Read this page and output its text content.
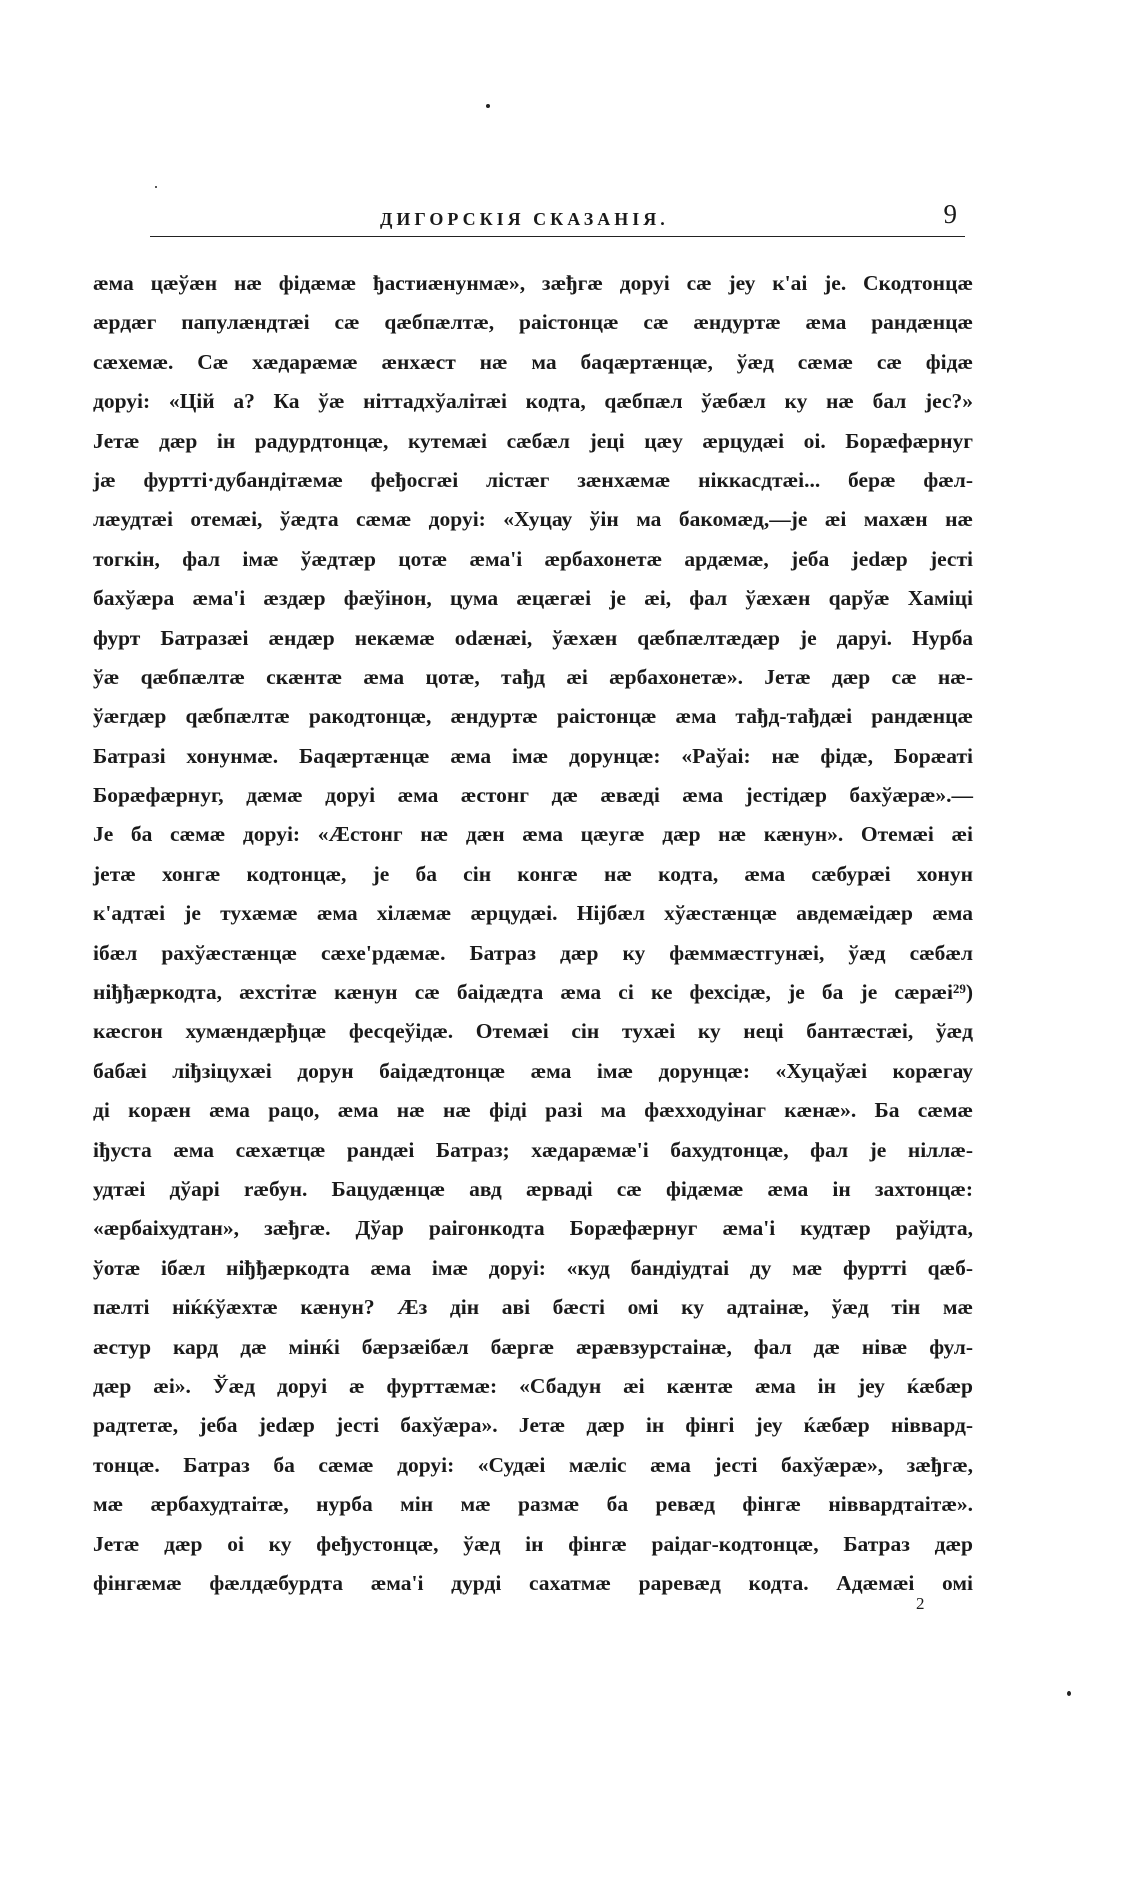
ДИГОРСКІЯ СКАЗАНІЯ.	9
æма цæўæн нæ фідæмæ ђастиæнунмæ», зæђгæ доруі сæ јеу к'аі је. Скодтонцæ
æрдæг папулæндтæі сæ qæбпæлтæ, раістонцæ сæ æндуртæ æма рандæнцæ
сæхемæ. Сæ хæдарæмæ æнхæст нæ ма баqæртæнцæ, ўæд сæмæ сæ фідæ
доруі: «Цій а? Ка ўæ ніттадхўалітæі кодта, qæбпæл ўæбæл ку нæ бал јес?»
Јетæ дæр ін радурдтонцæ, кутемæі сæбæл јеці цæу æрцудæі оі. Борæфæрнуг
јæ фуртті·дубандітæмæ феђосгæі лістæг зæнхæмæ ніккасдтæі... берæ фæл-
лæудтæі отемæі, ўæдта сæмæ доруі: «Хуцау ўін ма бакомæд,—је æі махæн нæ
тогкін, фал імæ ўæдтæр цотæ æма'і æрбахонетæ ардæмæ, јеба јеdæр јесті
бахўæра æма'і æздæр фæўінон, цума æцæгæі је æі, фал ўæхæн qарўæ Хаміці
фурт Батразæі æндæр некæмæ оdæнæі, ўæхæн qæбпæлтæдæр је даруі. Нурба
ўæ qæбпæлтæ скæнтæ æма цотæ, тађд æі æрбахонетæ». Јетæ дæр сæ нæ-
ўæгдæр qæбпæлтæ ракодтонцæ, æндуртæ раістонцæ æма тађд-тађдæі рандæнцæ
Батразі хонунмæ. Баqæртæнцæ æма імæ дорунцæ: «Раўаі: нæ фідæ, Борæаті
Борæфæрнуг, дæмæ доруі æма æстонг дæ æвæді æма јестідæр бахўæрæ».—
Је ба сæмæ доруі: «Æстонг нæ дæн æма цæугæ дæр нæ кæнун». Отемæі æі
јетæ хонгæ кодтонцæ, је ба сін конгæ нæ кодта, æма сæбурæі хонун
к'адтæі је тухæмæ æма хілæмæ æрцудæі. Ніјбæл хўæстæнцæ авдемæідæр æма
ібæл рахўæстæнцæ сæхе'рдæмæ. Батраз дæр ку фæммæстгунæі, ўæд сæбæл
ніђђæркодта, æхстітæ кæнун сæ баідæдта æма сі ке фехсідæ, је ба је сæрæі²⁹)
кæсгон хумæндæрђцæ фесqеўідæ. Отемæі сін тухæі ку неці бантæстæі, ўæд
бабæі ліђзіцухæі дорун баідæдтонцæ æма імæ дорунцæ: «Хуцаўæі корæгау
ді корæн æма рацо, æма нæ нæ фіді разі ма фæхходуінаг кæнæ». Ба сæмæ
іђуста æма сæхæтцæ рандæі Батраз; хæдарæмæ'і бахудтонцæ, фал је ніллæ-
удтæі дўарі ræбун. Бацудæнцæ авд æрваді сæ фідæмæ æма ін захтонцæ:
«æрбаіхудтан», зæђгæ. Дўар раігонкодта Борæфæрнуг æма'і кудтæр раўідта,
ўотæ ібæл ніђђæркодта æма імæ доруі: «куд бандіудтаі ду мæ фуртті qæб-
пæлті ніќќўæхтæ кæнун? Æз дін аві бæсті омі ку адтаінæ, ўæд тін мæ
æстур кард дæ мінќі бæрзæібæл бæргæ æрæвзурстаінæ, фал дæ нівæ фул-
дæр æі». Ўæд доруі æ фурттæмæ: «Сбадун æі кæнтæ æма ін јеу ќæбæр
радтетæ, јеба јеdæр јесті бахўæра». Јетæ дæр ін фінгі јеу ќæбæр ніввард-
тонцæ. Батраз ба сæмæ доруі: «Судæі мæліс æма јесті бахўæрæ», зæђгæ,
мæ æрбахудтаітæ, нурба мін мæ размæ ба ревæд фінгæ ніввардтаітæ».
Јетæ дæр оі ку феђустонцæ, ўæд ін фінгæ раідаг-кодтонцæ, Батраз дæр
фінгæмæ фæлдæбурдта æма'і дурді сахатмæ раревæд кодта. Адæмæі омі
2
